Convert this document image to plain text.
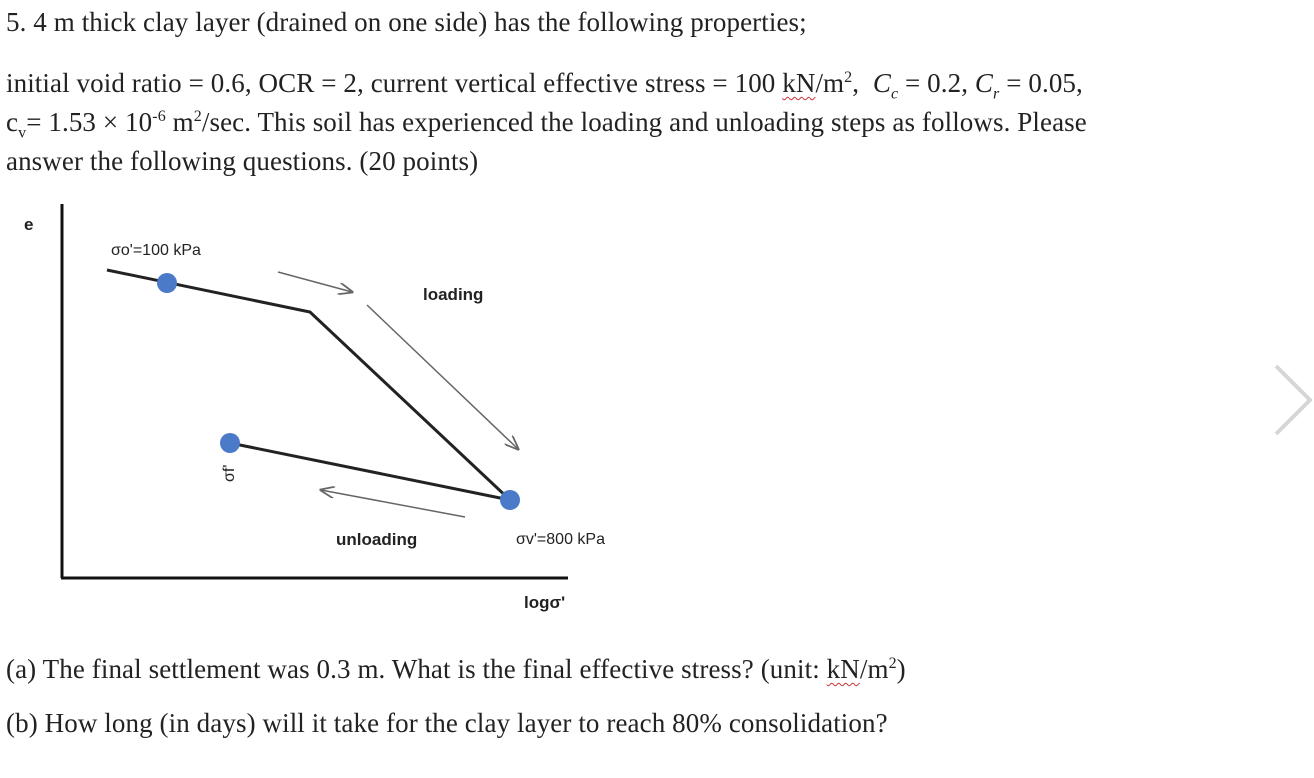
5. 4 m thick clay layer (drained on one side) has the following properties;
initial void ratio = 0.6, OCR = 2, current vertical effective stress = 100 $kN/m^2$,  $C_c = 0.2$, $C_r = 0.05$,
$c_v= 1.53 \times 10^{-6}$ $m^2/\sec$. This soil has experienced the loading and unloading steps as follows. Please
answer the following questions. (20 points)
e
logσ'
σo'=100 kPa
loading
σf'
unloading	σv'=800 kPa
(a) The final settlement was 0.3 m. What is the final effective stress? (unit: $kN/m^2$)
(b) How long (in days) will it take for the clay layer to reach 80% consolidation?
